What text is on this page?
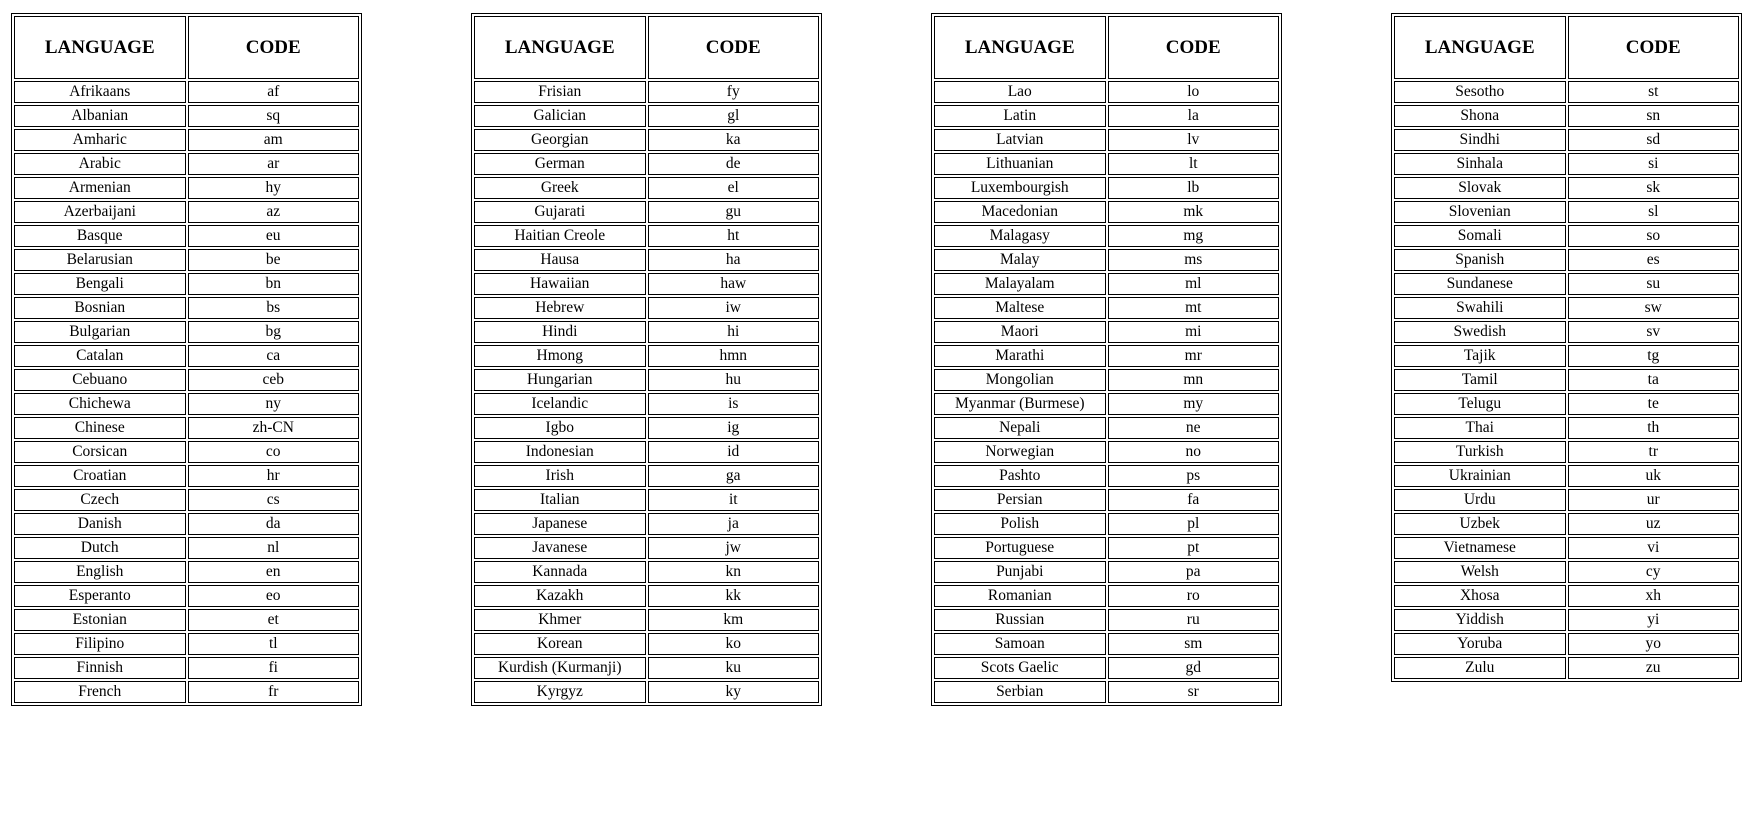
LANGUAGE	CODE
Afrikaans	af
Albanian	sq
Amharic	am
Arabic	ar
Armenian	hy
Azerbaijani	az
Basque	eu
Belarusian	be
Bengali	bn
Bosnian	bs
Bulgarian	bg
Catalan	ca
Cebuano	ceb
Chichewa	ny
Chinese	zh-CN
Corsican	co
Croatian	hr
Czech	cs
Danish	da
Dutch	nl
English	en
Esperanto	eo
Estonian	et
Filipino	tl
Finnish	fi
French	fr
LANGUAGE	CODE
Frisian	fy
Galician	gl
Georgian	ka
German	de
Greek	el
Gujarati	gu
Haitian Creole	ht
Hausa	ha
Hawaiian	haw
Hebrew	iw
Hindi	hi
Hmong	hmn
Hungarian	hu
Icelandic	is
Igbo	ig
Indonesian	id
Irish	ga
Italian	it
Japanese	ja
Javanese	jw
Kannada	kn
Kazakh	kk
Khmer	km
Korean	ko
Kurdish (Kurmanji)	ku
Kyrgyz	ky
LANGUAGE	CODE
Lao	lo
Latin	la
Latvian	lv
Lithuanian	lt
Luxembourgish	lb
Macedonian	mk
Malagasy	mg
Malay	ms
Malayalam	ml
Maltese	mt
Maori	mi
Marathi	mr
Mongolian	mn
Myanmar (Burmese)	my
Nepali	ne
Norwegian	no
Pashto	ps
Persian	fa
Polish	pl
Portuguese	pt
Punjabi	pa
Romanian	ro
Russian	ru
Samoan	sm
Scots Gaelic	gd
Serbian	sr
LANGUAGE	CODE
Sesotho	st
Shona	sn
Sindhi	sd
Sinhala	si
Slovak	sk
Slovenian	sl
Somali	so
Spanish	es
Sundanese	su
Swahili	sw
Swedish	sv
Tajik	tg
Tamil	ta
Telugu	te
Thai	th
Turkish	tr
Ukrainian	uk
Urdu	ur
Uzbek	uz
Vietnamese	vi
Welsh	cy
Xhosa	xh
Yiddish	yi
Yoruba	yo
Zulu	zu
